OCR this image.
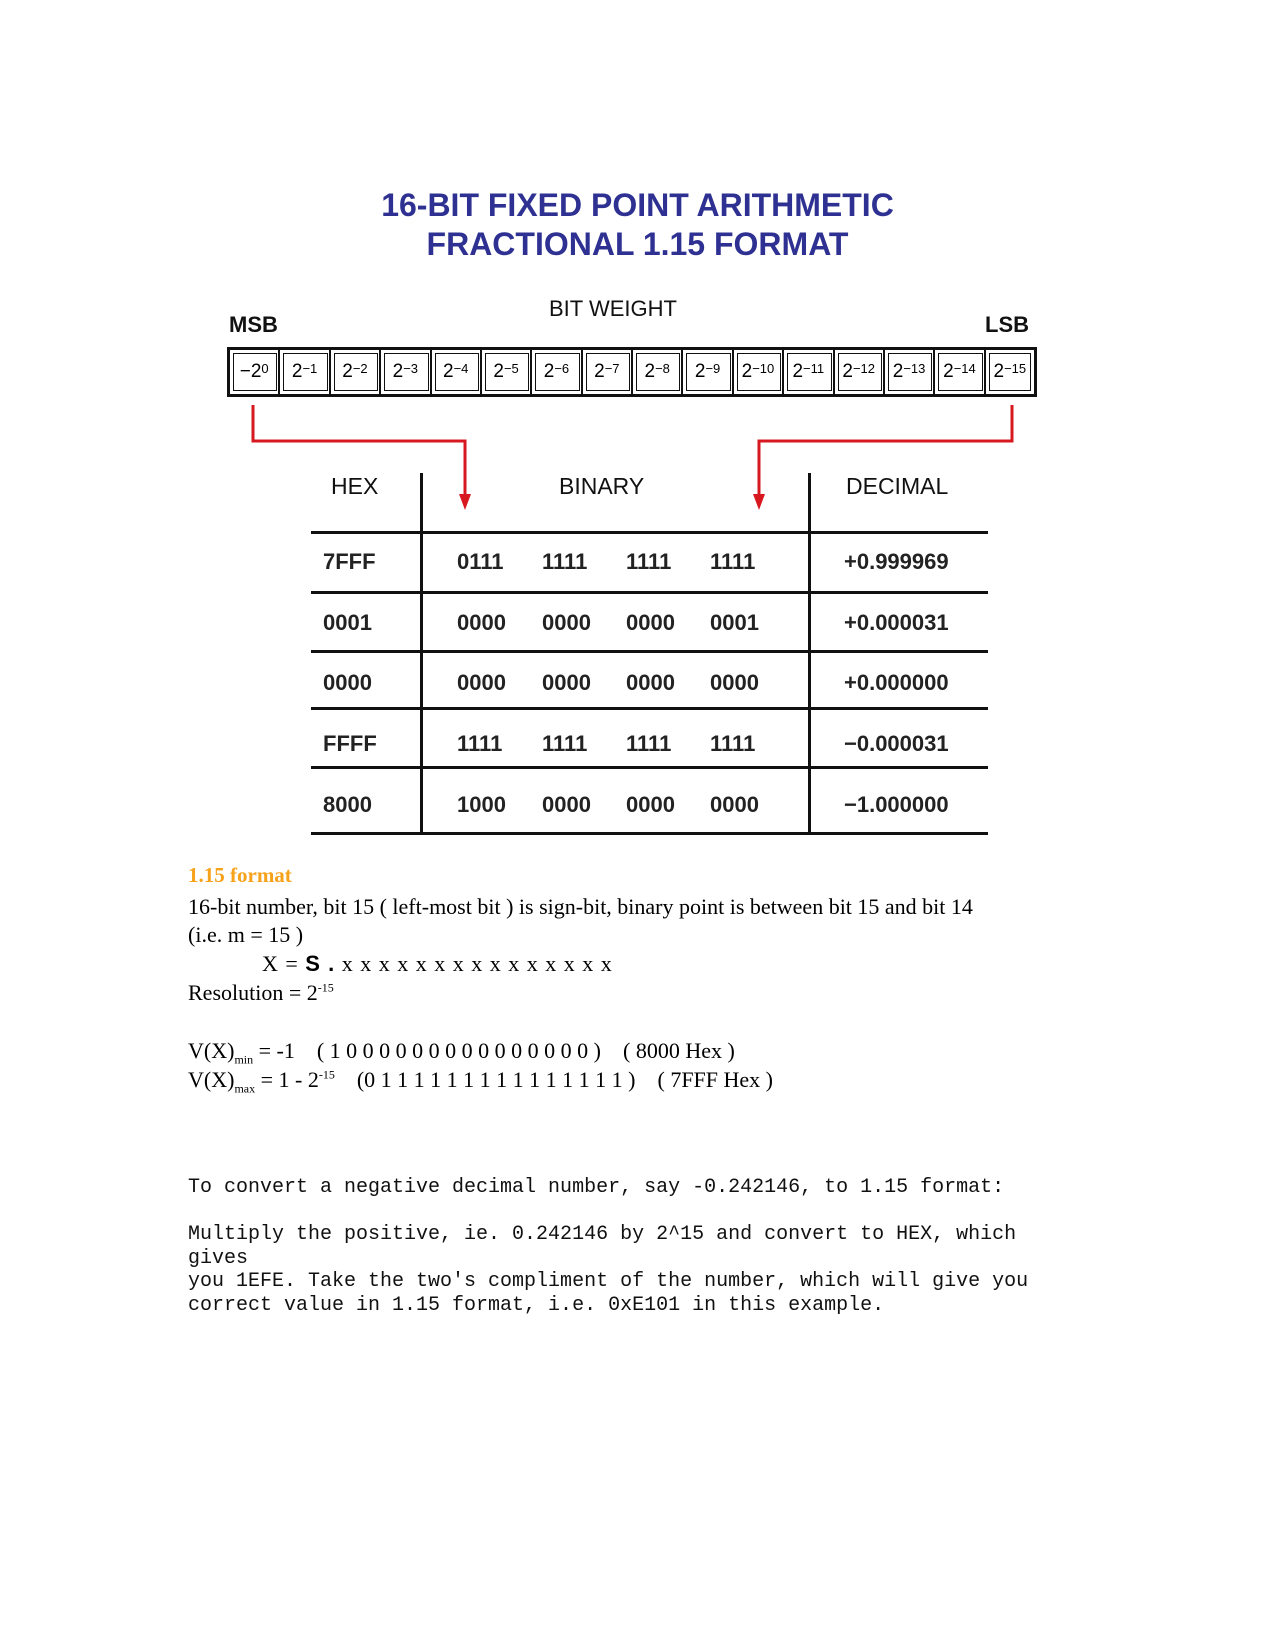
16-BIT FIXED POINT ARITHMETIC
FRACTIONAL 1.15 FORMAT
MSB
BIT WEIGHT
LSB
$-2^0$ $2^{-1}$ $2^{-2}$ $2^{-3}$ $2^{-4}$ $2^{-5}$ $2^{-6}$ $2^{-7}$ $2^{-8}$ $2^{-9}$ $2^{-10}$ $2^{-11}$ $2^{-12}$ $2^{-13}$ $2^{-14}$ $2^{-15}$
HEX	BINARY	DECIMAL
7FFF	0111 1111 1111 1111	+0.999969
0001	0000 0000 0000 0001	+0.000031
0000	0000 0000 0000 0000	+0.000000
FFFF	1111 1111 1111 1111	−0.000031
8000	1000 0000 0000 0000	−1.000000
1.15 format
16-bit number, bit 15 ( left-most bit ) is sign-bit, binary point is between bit 15 and bit 14
(i.e. m = 15 )
X = S . x x x x x x x x x x x x x x x
Resolution = $2^{-15}$
$V(X)_{min} = -1$    ( 1 0 0 0 0 0 0 0 0 0 0 0 0 0 0 0 )    ( 8000 Hex )
$V(X)_{max} = 1 - 2^{-15}$    (0 1 1 1 1 1 1 1 1 1 1 1 1 1 1 1 )    ( 7FFF Hex )
To convert a negative decimal number, say -0.242146, to 1.15 format:
Multiply the positive, ie. 0.242146 by 2^15 and convert to HEX, which
gives
you 1EFE. Take the two's compliment of the number, which will give you
correct value in 1.15 format, i.e. 0xE101 in this example.
